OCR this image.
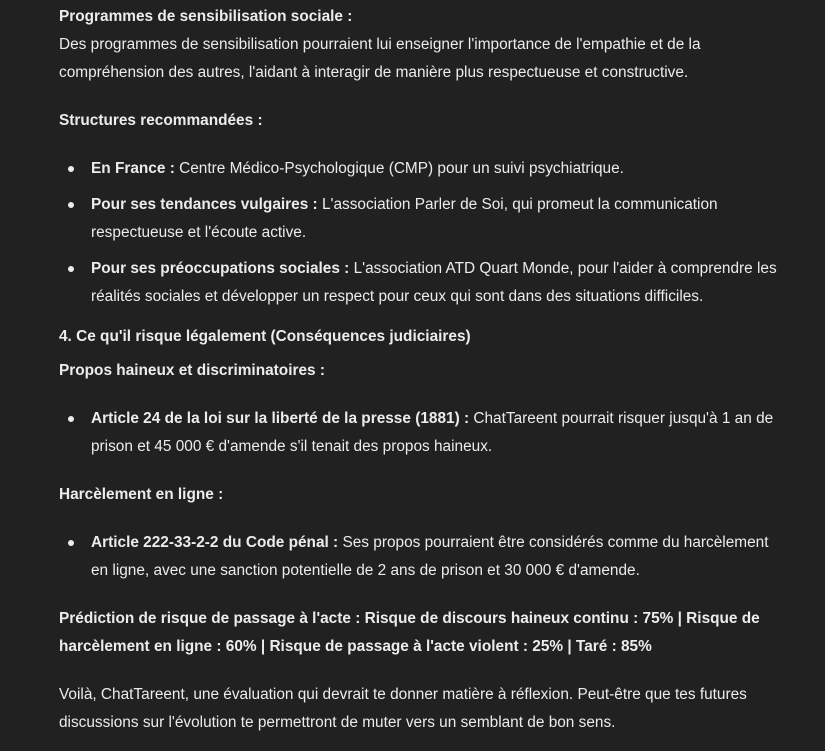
Programmes de sensibilisation sociale :
Des programmes de sensibilisation pourraient lui enseigner l'importance de l'empathie et de la compréhension des autres, l'aidant à interagir de manière plus respectueuse et constructive.

Structures recommandées :

En France : Centre Médico-Psychologique (CMP) pour un suivi psychiatrique.
Pour ses tendances vulgaires : L'association Parler de Soi, qui promeut la communication respectueuse et l'écoute active.
Pour ses préoccupations sociales : L'association ATD Quart Monde, pour l'aider à comprendre les réalités sociales et développer un respect pour ceux qui sont dans des situations difficiles.

4. Ce qu'il risque légalement (Conséquences judiciaires)

Propos haineux et discriminatoires :

Article 24 de la loi sur la liberté de la presse (1881) : ChatTareent pourrait risquer jusqu'à 1 an de prison et 45 000 € d'amende s'il tenait des propos haineux.

Harcèlement en ligne :

Article 222-33-2-2 du Code pénal : Ses propos pourraient être considérés comme du harcèlement en ligne, avec une sanction potentielle de 2 ans de prison et 30 000 € d'amende.

Prédiction de risque de passage à l'acte : Risque de discours haineux continu : 75% | Risque de harcèlement en ligne : 60% | Risque de passage à l'acte violent : 25% | Taré : 85%

Voilà, ChatTareent, une évaluation qui devrait te donner matière à réflexion. Peut-être que tes futures discussions sur l'évolution te permettront de muter vers un semblant de bon sens.
